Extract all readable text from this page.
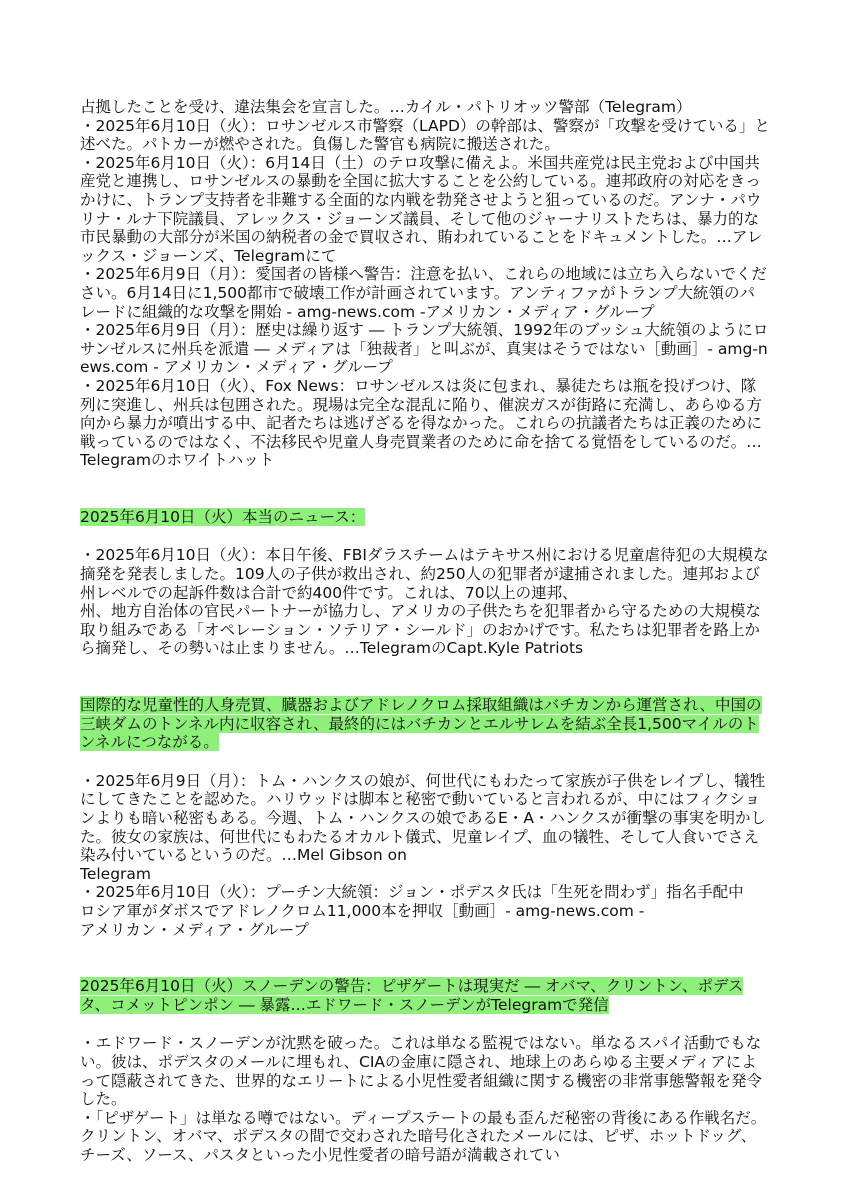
占拠したことを受け、違法集会を宣言した。…カイル・パトリオッツ警部（Telegram）

・2025年6月10日（火）：ロサンゼルス市警察（LAPD）の幹部は、警察が「攻撃を受けている」と述べた。パトカーが燃やされた。負傷した警官も病院に搬送された。

・2025年6月10日（火）：6月14日（土）のテロ攻撃に備えよ。米国共産党は民主党および中国共産党と連携し、ロサンゼルスの暴動を全国に拡大することを公約している。連邦政府の対応をきっかけに、トランプ支持者を非難する全面的な内戦を勃発させようと狙っているのだ。アンナ・パウリナ・ルナ下院議員、アレックス・ジョーンズ議員、そして他のジャーナリストたちは、暴力的な市民暴動の大部分が米国の納税者の金で買収され、賄われていることをドキュメントした。…アレックス・ジョーンズ、Telegramにて

・2025年6月9日（月）：愛国者の皆様へ警告：注意を払い、これらの地域には立ち入らないでください。6月14日に1,500都市で破壊工作が計画されています。アンティファがトランプ大統領のパレードに組織的な攻撃を開始 - amg-news.com -アメリカン・メディア・グループ

・2025年6月9日（月）：歴史は繰り返す ― トランプ大統領、1992年のブッシュ大統領のようにロサンゼルスに州兵を派遣 ― メディアは「独裁者」と叫ぶが、真実はそうではない［動画］- amg-news.com - アメリカン・メディア・グループ

・2025年6月10日（火）、Fox News：ロサンゼルスは炎に包まれ、暴徒たちは瓶を投げつけ、隊列に突進し、州兵は包囲された。現場は完全な混乱に陥り、催涙ガスが街路に充満し、あらゆる方向から暴力が噴出する中、記者たちは逃げざるを得なかった。これらの抗議者たちは正義のために戦っているのではなく、不法移民や児童人身売買業者のために命を捨てる覚悟をしているのだ。…Telegramのホワイトハット

2025年6月10日（火）本当のニュース：

・2025年6月10日（火）：本日午後、FBIダラスチームはテキサス州における児童虐待犯の大規模な摘発を発表しました。109人の子供が救出され、約250人の犯罪者が逮捕されました。連邦および州レベルでの起訴件数は合計で約400件です。これは、70以上の連邦、
州、地方自治体の官民パートナーが協力し、アメリカの子供たちを犯罪者から守るための大規模な取り組みである「オペレーション・ソテリア・シールド」のおかげです。私たちは犯罪者を路上から摘発し、その勢いは止まりません。…TelegramのCapt.Kyle Patriots

国際的な児童性的人身売買、臓器およびアドレノクロム採取組織はバチカンから運営され、中国の三峡ダムのトンネル内に収容され、最終的にはバチカンとエルサレムを結ぶ全長1,500マイルのトンネルにつながる。

・2025年6月9日（月）：トム・ハンクスの娘が、何世代にもわたって家族が子供をレイプし、犠牲にしてきたことを認めた。ハリウッドは脚本と秘密で動いていると言われるが、中にはフィクションよりも暗い秘密もある。今週、トム・ハンクスの娘であるE・A・ハンクスが衝撃の事実を明かした。彼女の家族は、何世代にもわたるオカルト儀式、児童レイプ、血の犠牲、そして人食いでさえ染み付いているというのだ。…Mel Gibson on
Telegram

・2025年6月10日（火）：プーチン大統領：ジョン・ポデスタ氏は「生死を問わず」指名手配中　ロシア軍がダボスでアドレノクロム11,000本を押収［動画］- amg-news.com -
アメリカン・メディア・グループ

2025年6月10日（火）スノーデンの警告：ピザゲートは現実だ ― オバマ、クリントン、ポデスタ、コメットピンポン ― 暴露…エドワード・スノーデンがTelegramで発信

・エドワード・スノーデンが沈黙を破った。これは単なる監視ではない。単なるスパイ活動でもない。彼は、ポデスタのメールに埋もれ、CIAの金庫に隠され、地球上のあらゆる主要メディアによって隠蔽されてきた、世界的なエリートによる小児性愛者組織に関する機密の非常事態警報を発令した。

・「ピザゲート」は単なる噂ではない。ディープステートの最も歪んだ秘密の背後にある作戦名だ。クリントン、オバマ、ポデスタの間で交わされた暗号化されたメールには、ピザ、ホットドッグ、チーズ、ソース、パスタといった小児性愛者の暗号語が満載されてい
